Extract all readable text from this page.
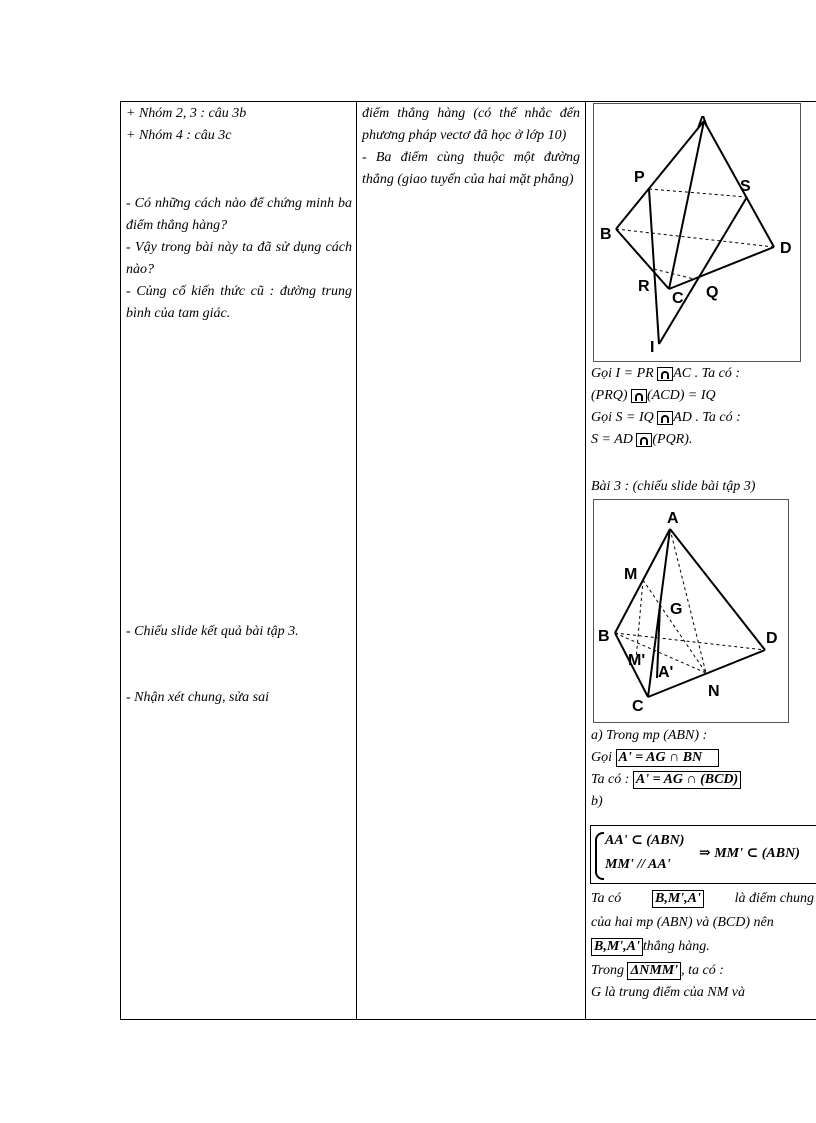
+ Nhóm 2, 3 : câu 3b

+ Nhóm 4 : câu 3c

- Có những cách nào để chứng minh ba điểm thẳng hàng?

- Vậy trong bài này ta đã sử dụng cách nào?

- Củng cố kiến thức cũ : đường trung bình của tam giác.

- Chiếu slide kết quả bài tập 3.

- Nhận xét chung, sửa sai

điểm thẳng hàng (có thể nhắc đến phương pháp vectơ đã học ở lớp 10)

- Ba điểm cùng thuộc một đường thẳng (giao tuyến của hai mặt phẳng)

A
P
S
B
D
R
C Q
I

Gọi I = PR AC . Ta có :

(PRQ) (ACD) = IQ

Gọi S = IQ AD . Ta có :

S = AD (PQR).

Bài 3 : (chiếu slide bài tập 3)

A
M
G
B	D
M'
A'
N
C

a) Trong mp (ABN) :

Gọi A' = AG ∩ BN

Ta có : A' = AG ∩ (BCD)

b)

AA' ⊂ (ABN)
MM' // AA'
⇒ MM' ⊂ (ABN)

Ta có B,M',A' là điểm chung

của hai mp (ABN) và (BCD) nên

B,M',A' thẳng hàng.

Trong ΔNMM' , ta có :

G là trung điểm của NM và
